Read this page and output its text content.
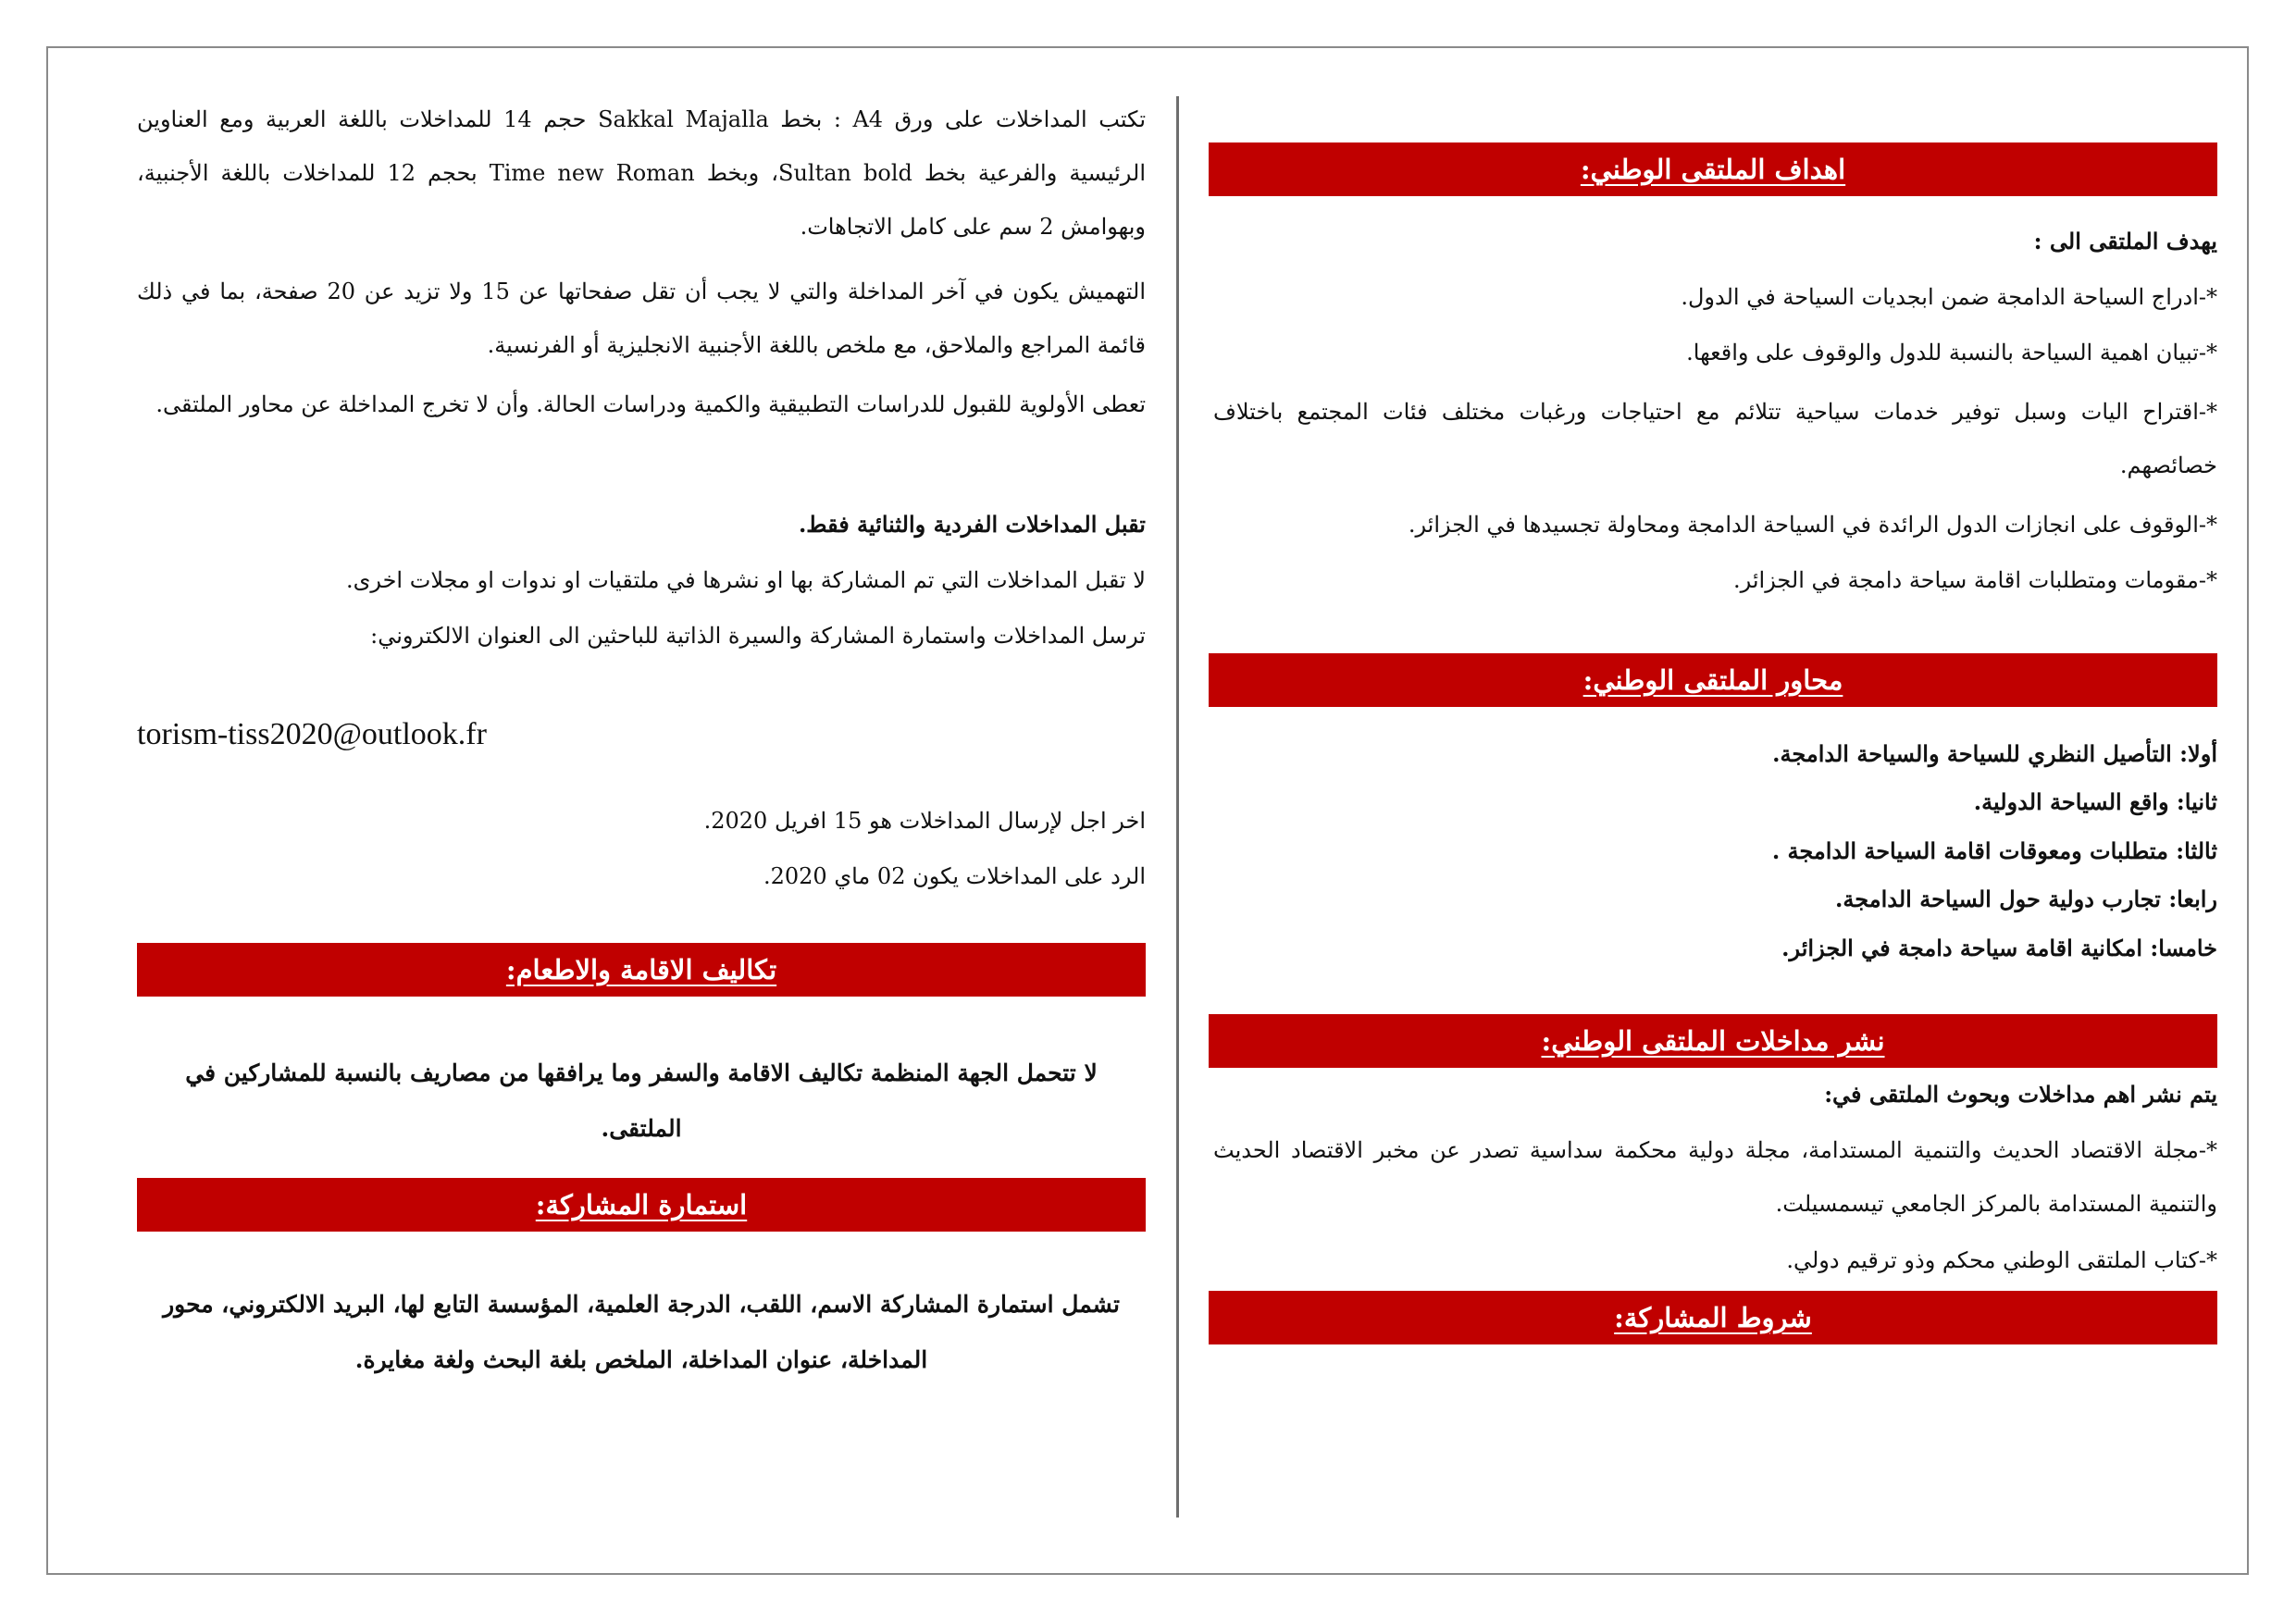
اهداف الملتقى الوطني:
يهدف الملتقى الى :
*-ادراج السياحة الدامجة ضمن ابجديات السياحة في الدول.
*-تبيان اهمية السياحة بالنسبة للدول والوقوف على واقعها.
*-اقتراح اليات وسبل توفير خدمات سياحية تتلائم مع احتياجات ورغبات مختلف فئات المجتمع باختلاف خصائصهم.
*-الوقوف على انجازات الدول الرائدة في السياحة الدامجة ومحاولة تجسيدها في الجزائر.
*-مقومات ومتطلبات اقامة سياحة دامجة في الجزائر.
محاور الملتقى الوطني:
أولا: التأصيل النظري للسياحة والسياحة الدامجة.
ثانيا: واقع السياحة الدولية.
ثالثا: متطلبات ومعوقات اقامة السياحة الدامجة .
رابعا: تجارب دولية حول السياحة الدامجة.
خامسا: امكانية اقامة سياحة دامجة في الجزائر.
نشر مداخلات الملتقى الوطني:
يتم نشر اهم مداخلات وبحوث الملتقى في:
*-مجلة الاقتصاد الحديث والتنمية المستدامة، مجلة دولية محكمة سداسية تصدر عن مخبر الاقتصاد الحديث والتنمية المستدامة بالمركز الجامعي تيسمسيلت.
*-كتاب الملتقى الوطني محكم وذو ترقيم دولي.
شروط المشاركة:
تكتب المداخلات على ورق A4 : بخط Sakkal Majalla حجم 14 للمداخلات باللغة العربية ومع العناوين الرئيسية والفرعية بخط Sultan bold، وبخط Time new Roman بحجم 12 للمداخلات باللغة الأجنبية، وبهوامش 2 سم على كامل الاتجاهات.
التهميش يكون في آخر المداخلة والتي لا يجب أن تقل صفحاتها عن 15 ولا تزيد عن 20 صفحة، بما في ذلك قائمة المراجع والملاحق، مع ملخص باللغة الأجنبية الانجليزية أو الفرنسية.
تعطى الأولوية للقبول للدراسات التطبيقية والكمية ودراسات الحالة. وأن لا تخرج المداخلة عن محاور الملتقى.
تقبل المداخلات الفردية والثنائية فقط.
لا تقبل المداخلات التي تم المشاركة بها او نشرها في ملتقيات او ندوات او مجلات اخرى.
ترسل المداخلات واستمارة المشاركة والسيرة الذاتية للباحثين الى العنوان الالكتروني:
torism-tiss2020@outlook.fr
اخر اجل لإرسال المداخلات هو 15 افريل 2020.
الرد على المداخلات يكون 02 ماي 2020.
تكاليف الاقامة والاطعام:
لا تتحمل الجهة المنظمة تكاليف الاقامة والسفر وما يرافقها من مصاريف بالنسبة للمشاركين في الملتقى.
استمارة المشاركة:
تشمل استمارة المشاركة الاسم، اللقب، الدرجة العلمية، المؤسسة التابع لها، البريد الالكتروني، محور المداخلة، عنوان المداخلة، الملخص بلغة البحث ولغة مغايرة.
